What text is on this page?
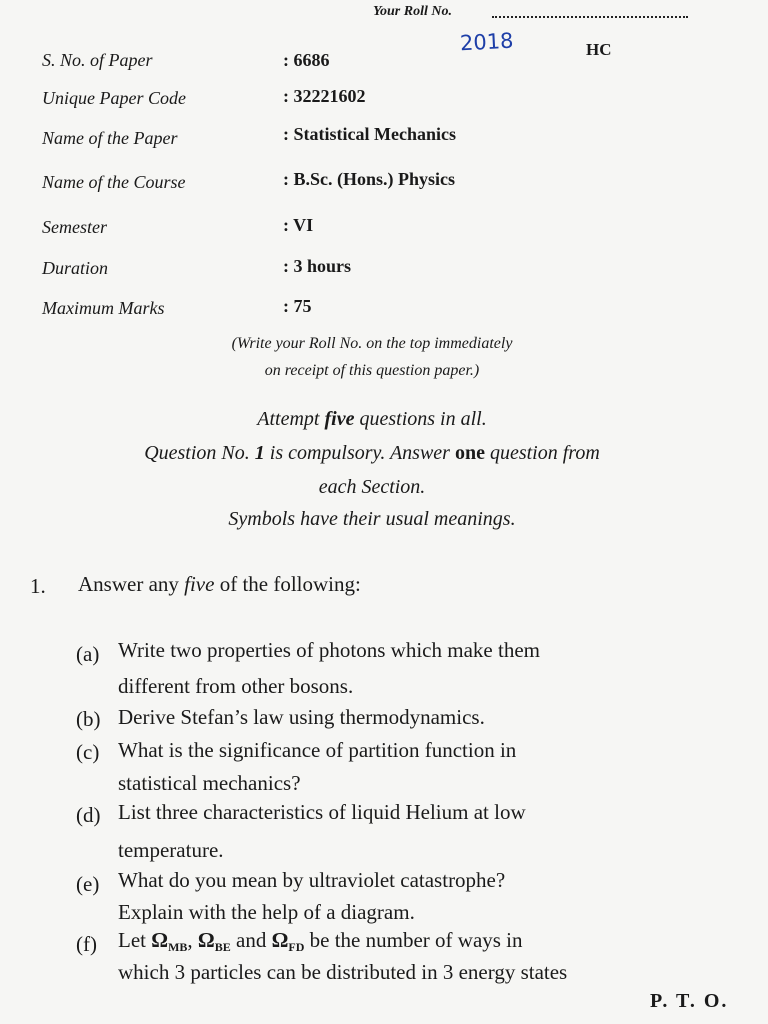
Your Roll No.
2018	HC
S. No. of Paper	: 6686
Unique Paper Code	: 32221602
Name of the Paper	: Statistical Mechanics
Name of the Course	: B.Sc. (Hons.) Physics
Semester	: VI
Duration	: 3 hours
Maximum Marks	: 75
(Write your Roll No. on the top immediately
on receipt of this question paper.)
Attempt five questions in all.
Question No. 1 is compulsory. Answer one question from
each Section.
Symbols have their usual meanings.
1. Answer any five of the following:
(a) Write two properties of photons which make them
different from other bosons.
(b) Derive Stefan’s law using thermodynamics.
(c) What is the significance of partition function in
statistical mechanics?
(d) List three characteristics of liquid Helium at low
temperature.
(e) What do you mean by ultraviolet catastrophe?
Explain with the help of a diagram.
(f) Let $\Omega_{MB}$, $\Omega_{BE}$ and $\Omega_{FD}$ be the number of ways in
which 3 particles can be distributed in 3 energy states
P. T. O.
